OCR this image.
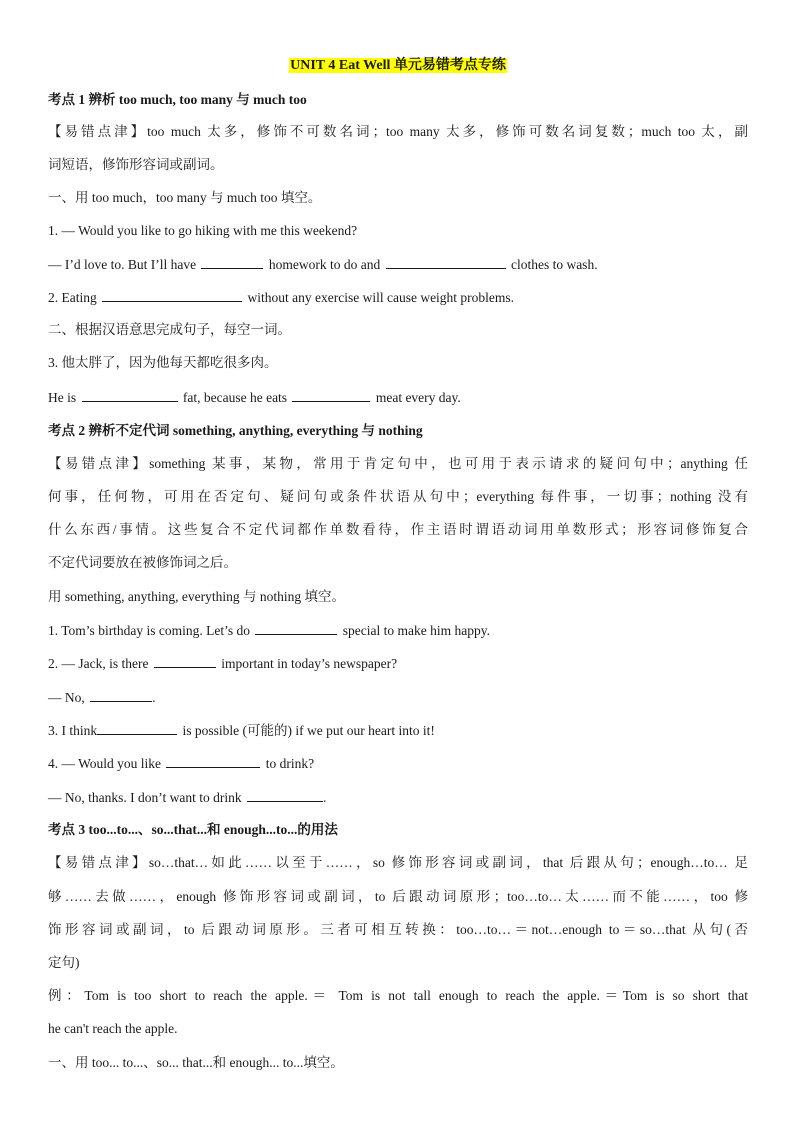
UNIT 4 Eat Well 单元易错考点专练
考点 1 辨析 too much, too many 与 much too
【易错点津】too much 太多，修饰不可数名词；too many 太多，修饰可数名词复数；much too 太，副
词短语，修饰形容词或副词。
一、用 too much，too many 与 much too 填空。
1. — Would you like to go hiking with me this weekend?
— I’d love to. But I’ll have	homework to do and	clothes to wash.
2. Eating	without any exercise will cause weight problems.
二、根据汉语意思完成句子，每空一词。
3. 他太胖了，因为他每天都吃很多肉。
He is	fat, because he eats	meat every day.
考点 2 辨析不定代词 something, anything, everything 与 nothing
【易错点津】something 某事，某物，常用于肯定句中，也可用于表示请求的疑问句中；anything 任
何事，任何物，可用在否定句、疑问句或条件状语从句中；everything 每件事，一切事；nothing 没有
什么东西/事情。这些复合不定代词都作单数看待，作主语时谓语动词用单数形式；形容词修饰复合
不定代词要放在被修饰词之后。
用 something, anything, everything 与 nothing 填空。
1. Tom’s birthday is coming. Let’s do	special to make him happy.
2. — Jack, is there	important in today’s newspaper?
— No,	.
3. I think	is possible (可能的) if we put our heart into it!
4. — Would you like	to drink?
— No, thanks. I don’t want to drink	.
考点 3 too...to...、so...that...和 enough...to...的用法
【易错点津】so…that…如此……以至于……，so 修饰形容词或副词，that 后跟从句；enough…to… 足
够……去做……，enough 修饰形容词或副词，to 后跟动词原形；too…to…太……而不能……，too 修
饰形容词或副词，to 后跟动词原形。三者可相互转换：too…to…＝not…enough to＝so…that 从句(否
定句)
例：Tom is too short to reach the apple.＝ Tom is not tall enough to reach the apple.＝Tom is so short that
he can't reach the apple.
一、用 too... to...、so... that...和 enough... to...填空。
